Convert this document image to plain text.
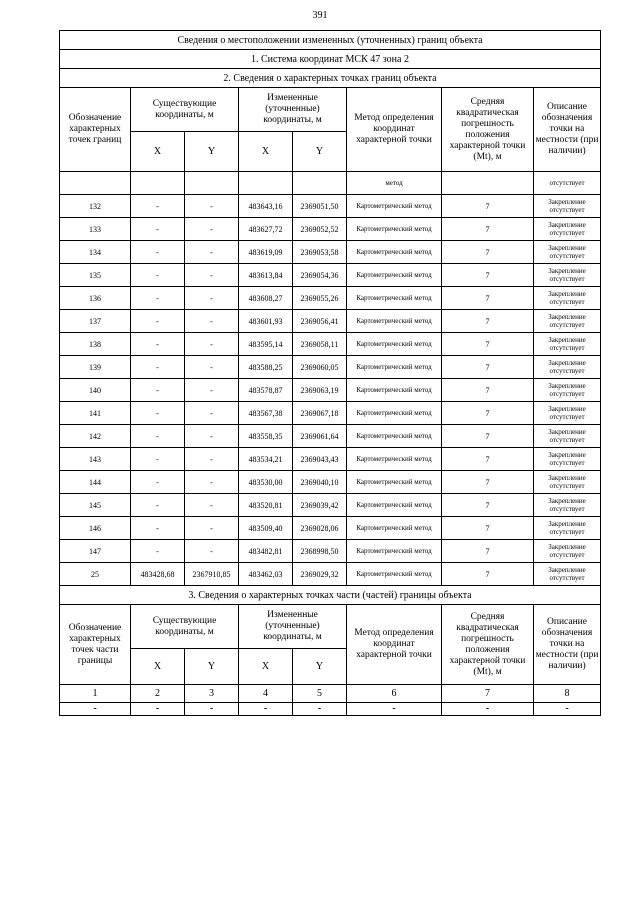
391
Сведения о местоположении измененных (уточненных) границ объекта							
1. Система координат МСК 47 зона 2							
2. Сведения о характерных точках границ объекта							
Обозначение характерных точек границ	Существующие координаты, м		Измененные (уточненные) координаты, м		Метод определения координат характерной точки	Средняя квадратическая погрешность положения характерной точки (Mt), м	Описание обозначения точки на местности (при наличии)
	X	Y	X	Y			
					метод		отсутствует
132	-	-	483643,16	2369051,50	Картометрический метод	7	Закрепление отсутствует
133	-	-	483627,72	2369052,52	Картометрический метод	7	Закрепление отсутствует
134	-	-	483619,09	2369053,58	Картометрический метод	7	Закрепление отсутствует
135	-	-	483613,84	2369054,36	Картометрический метод	7	Закрепление отсутствует
136	-	-	483608,27	2369055,26	Картометрический метод	7	Закрепление отсутствует
137	-	-	483601,93	2369056,41	Картометрический метод	7	Закрепление отсутствует
138	-	-	483595,14	2369058,11	Картометрический метод	7	Закрепление отсутствует
139	-	-	483588,25	2369060,05	Картометрический метод	7	Закрепление отсутствует
140	-	-	483578,87	2369063,19	Картометрический метод	7	Закрепление отсутствует
141	-	-	483567,38	2369067,18	Картометрический метод	7	Закрепление отсутствует
142	-	-	483558,35	2369061,64	Картометрический метод	7	Закрепление отсутствует
143	-	-	483534,21	2369043,43	Картометрический метод	7	Закрепление отсутствует
144	-	-	483530,00	2369040,10	Картометрический метод	7	Закрепление отсутствует
145	-	-	483520,81	2369039,42	Картометрический метод	7	Закрепление отсутствует
146	-	-	483509,40	2369028,06	Картометрический метод	7	Закрепление отсутствует
147	-	-	483482,81	2368998,50	Картометрический метод	7	Закрепление отсутствует
25	483428,68	2367910,85	483462,03	2369029,32	Картометрический метод	7	Закрепление отсутствует
3. Сведения о характерных точках части (частей) границы объекта							
Обозначение характерных точек части границы	Существующие координаты, м		Измененные (уточненные) координаты, м		Метод определения координат характерной точки	Средняя квадратическая погрешность положения характерной точки (Mt), м	Описание обозначения точки на местности (при наличии)
	X	Y	X	Y			
1	2	3	4	5	6	7	8
-	-	-	-	-	-	-	-
